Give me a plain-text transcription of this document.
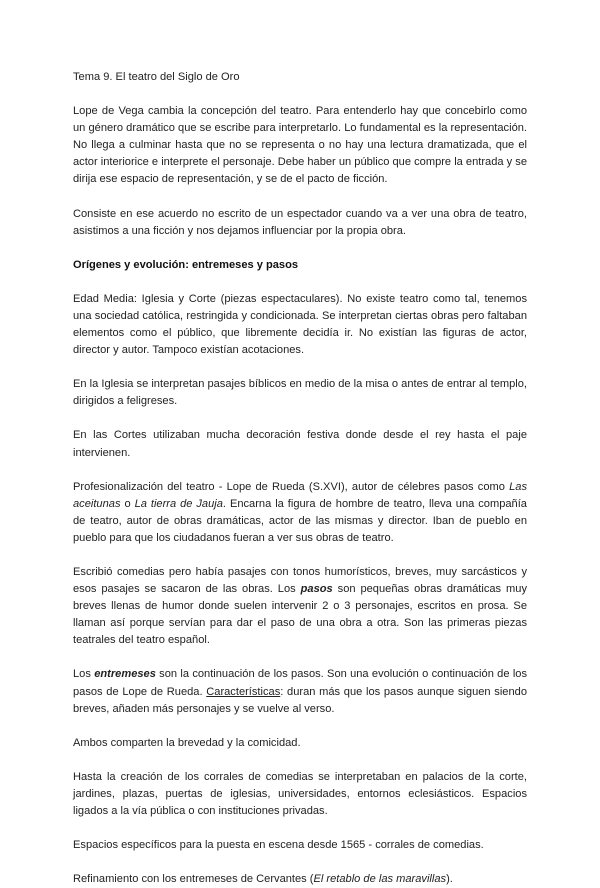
Tema 9. El teatro del Siglo de Oro

Lope de Vega cambia la concepción del teatro. Para entenderlo hay que concebirlo como un género dramático que se escribe para interpretarlo. Lo fundamental es la representación. No llega a culminar hasta que no se representa o no hay una lectura dramatizada, que el actor interiorice e interprete el personaje. Debe haber un público que compre la entrada y se dirija ese espacio de representación, y se de el pacto de ficción.

Consiste en ese acuerdo no escrito de un espectador cuando va a ver una obra de teatro, asistimos a una ficción y nos dejamos influenciar por la propia obra.

Orígenes y evolución: entremeses y pasos

Edad Media: Iglesia y Corte (piezas espectaculares). No existe teatro como tal, tenemos una sociedad católica, restringida y condicionada. Se interpretan ciertas obras pero faltaban elementos como el público, que libremente decidía ir. No existían las figuras de actor, director y autor. Tampoco existían acotaciones.

En la Iglesia se interpretan pasajes bíblicos en medio de la misa o antes de entrar al templo, dirigidos a feligreses.

En las Cortes utilizaban mucha decoración festiva donde desde el rey hasta el paje intervienen.

Profesionalización del teatro - Lope de Rueda (S.XVI), autor de célebres pasos como Las aceitunas o La tierra de Jauja. Encarna la figura de hombre de teatro, lleva una compañía de teatro, autor de obras dramáticas, actor de las mismas y director. Iban de pueblo en pueblo para que los ciudadanos fueran a ver sus obras de teatro.

Escribió comedias pero había pasajes con tonos humorísticos, breves, muy sarcásticos y esos pasajes se sacaron de las obras. Los pasos son pequeñas obras dramáticas muy breves llenas de humor donde suelen intervenir 2 o 3 personajes, escritos en prosa. Se llaman así porque servían para dar el paso de una obra a otra. Son las primeras piezas teatrales del teatro español.

Los entremeses son la continuación de los pasos. Son una evolución o continuación de los pasos de Lope de Rueda. Características: duran más que los pasos aunque siguen siendo breves, añaden más personajes y se vuelve al verso.

Ambos comparten la brevedad y la comicidad.

Hasta la creación de los corrales de comedias se interpretaban en palacios de la corte, jardines, plazas, puertas de iglesias, universidades, entornos eclesiásticos. Espacios ligados a la vía pública o con instituciones privadas.

Espacios específicos para la puesta en escena desde 1565 - corrales de comedias.

Refinamiento con los entremeses de Cervantes (El retablo de las maravillas).
